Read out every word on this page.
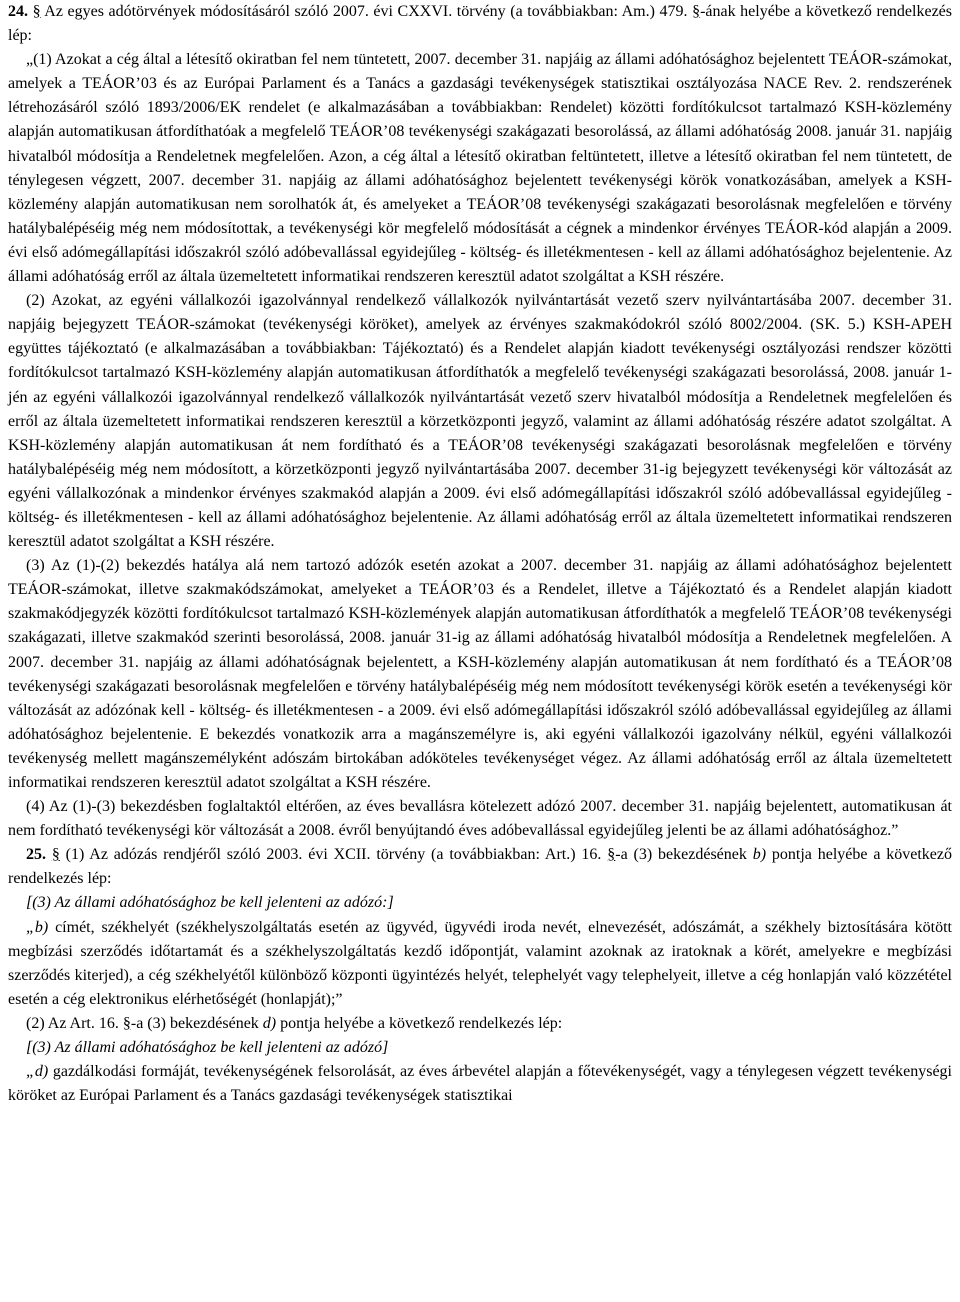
24. § Az egyes adótörvények módosításáról szóló 2007. évi CXXVI. törvény (a továbbiakban: Am.) 479. §-ának helyébe a következő rendelkezés lép:

„(1) Azokat a cég által a létesítő okiratban fel nem tüntetett, 2007. december 31. napjáig az állami adóhatósághoz bejelentett TEÁOR-számokat, amelyek a TEÁOR’03 és az Európai Parlament és a Tanács a gazdasági tevékenységek statisztikai osztályozása NACE Rev. 2. rendszerének létrehozásáról szóló 1893/2006/EK rendelet (e alkalmazásában a továbbiakban: Rendelet) közötti fordítókulcsot tartalmazó KSH-közlemény alapján automatikusan átfordíthatóak a megfelelő TEÁOR’08 tevékenységi szakágazati besorolássá, az állami adóhatóság 2008. január 31. napjáig hivatalból módosítja a Rendeletnek megfelelően. Azon, a cég által a létesítő okiratban feltüntetett, illetve a létesítő okiratban fel nem tüntetett, de ténylegesen végzett, 2007. december 31. napjáig az állami adóhatósághoz bejelentett tevékenységi körök vonatkozásában, amelyek a KSH-közlemény alapján automatikusan nem sorolhatók át, és amelyeket a TEÁOR’08 tevékenységi szakágazati besorolásnak megfelelően e törvény hatálybalépéséig még nem módosítottak, a tevékenységi kör megfelelő módosítását a cégnek a mindenkor érvényes TEÁOR-kód alapján a 2009. évi első adómegállapítási időszakról szóló adóbevallással egyidejűleg - költség- és illetékmentesen - kell az állami adóhatósághoz bejelentenie. Az állami adóhatóság erről az általa üzemeltetett informatikai rendszeren keresztül adatot szolgáltat a KSH részére.

(2) Azokat, az egyéni vállalkozói igazolvánnyal rendelkező vállalkozók nyilvántartását vezető szerv nyilvántartásába 2007. december 31. napjáig bejegyzett TEÁOR-számokat (tevékenységi köröket), amelyek az érvényes szakmakódokról szóló 8002/2004. (SK. 5.) KSH-APEH együttes tájékoztató (e alkalmazásában a továbbiakban: Tájékoztató) és a Rendelet alapján kiadott tevékenységi osztályozási rendszer közötti fordítókulcsot tartalmazó KSH-közlemény alapján automatikusan átfordíthatók a megfelelő tevékenységi szakágazati besorolássá, 2008. január 1-jén az egyéni vállalkozói igazolvánnyal rendelkező vállalkozók nyilvántartását vezető szerv hivatalból módosítja a Rendeletnek megfelelően és erről az általa üzemeltetett informatikai rendszeren keresztül a körzetközponti jegyző, valamint az állami adóhatóság részére adatot szolgáltat. A KSH-közlemény alapján automatikusan át nem fordítható és a TEÁOR’08 tevékenységi szakágazati besorolásnak megfelelően e törvény hatálybalépéséig még nem módosított, a körzetközponti jegyző nyilvántartásába 2007. december 31-ig bejegyzett tevékenységi kör változását az egyéni vállalkozónak a mindenkor érvényes szakmakód alapján a 2009. évi első adómegállapítási időszakról szóló adóbevallással egyidejűleg - költség- és illetékmentesen - kell az állami adóhatósághoz bejelentenie. Az állami adóhatóság erről az általa üzemeltetett informatikai rendszeren keresztül adatot szolgáltat a KSH részére.

(3) Az (1)-(2) bekezdés hatálya alá nem tartozó adózók esetén azokat a 2007. december 31. napjáig az állami adóhatósághoz bejelentett TEÁOR-számokat, illetve szakmakódszámokat, amelyeket a TEÁOR’03 és a Rendelet, illetve a Tájékoztató és a Rendelet alapján kiadott szakmakódjegyzék közötti fordítókulcsot tartalmazó KSH-közlemények alapján automatikusan átfordíthatók a megfelelő TEÁOR’08 tevékenységi szakágazati, illetve szakmakód szerinti besorolássá, 2008. január 31-ig az állami adóhatóság hivatalból módosítja a Rendeletnek megfelelően. A 2007. december 31. napjáig az állami adóhatóságnak bejelentett, a KSH-közlemény alapján automatikusan át nem fordítható és a TEÁOR’08 tevékenységi szakágazati besorolásnak megfelelően e törvény hatálybalépéséig még nem módosított tevékenységi körök esetén a tevékenységi kör változását az adózónak kell - költség- és illetékmentesen - a 2009. évi első adómegállapítási időszakról szóló adóbevallással egyidejűleg az állami adóhatósághoz bejelentenie. E bekezdés vonatkozik arra a magánszemélyre is, aki egyéni vállalkozói igazolvány nélkül, egyéni vállalkozói tevékenység mellett magánszemélyként adószám birtokában adóköteles tevékenységet végez. Az állami adóhatóság erről az általa üzemeltetett informatikai rendszeren keresztül adatot szolgáltat a KSH részére.

(4) Az (1)-(3) bekezdésben foglaltaktól eltérően, az éves bevallásra kötelezett adózó 2007. december 31. napjáig bejelentett, automatikusan át nem fordítható tevékenységi kör változását a 2008. évről benyújtandó éves adóbevallással egyidejűleg jelenti be az állami adóhatósághoz.”

25. § (1) Az adózás rendjéről szóló 2003. évi XCII. törvény (a továbbiakban: Art.) 16. §-a (3) bekezdésének b) pontja helyébe a következő rendelkezés lép:

[(3) Az állami adóhatósághoz be kell jelenteni az adózó:]

„b) címét, székhelyét (székhelyszolgáltatás esetén az ügyvéd, ügyvédi iroda nevét, elnevezését, adószámát, a székhely biztosítására kötött megbízási szerződés időtartamát és a székhelyszolgáltatás kezdő időpontját, valamint azoknak az iratoknak a körét, amelyekre e megbízási szerződés kiterjed), a cég székhelyétől különböző központi ügyintézés helyét, telephelyét vagy telephelyeit, illetve a cég honlapján való közzététel esetén a cég elektronikus elérhetőségét (honlapját);”

(2) Az Art. 16. §-a (3) bekezdésének d) pontja helyébe a következő rendelkezés lép:

[(3) Az állami adóhatósághoz be kell jelenteni az adózó]

„d) gazdálkodási formáját, tevékenységének felsorolását, az éves árbevétel alapján a főtevékenységét, vagy a ténylegesen végzett tevékenységi köröket az Európai Parlament és a Tanács gazdasági tevékenységek statisztikai
